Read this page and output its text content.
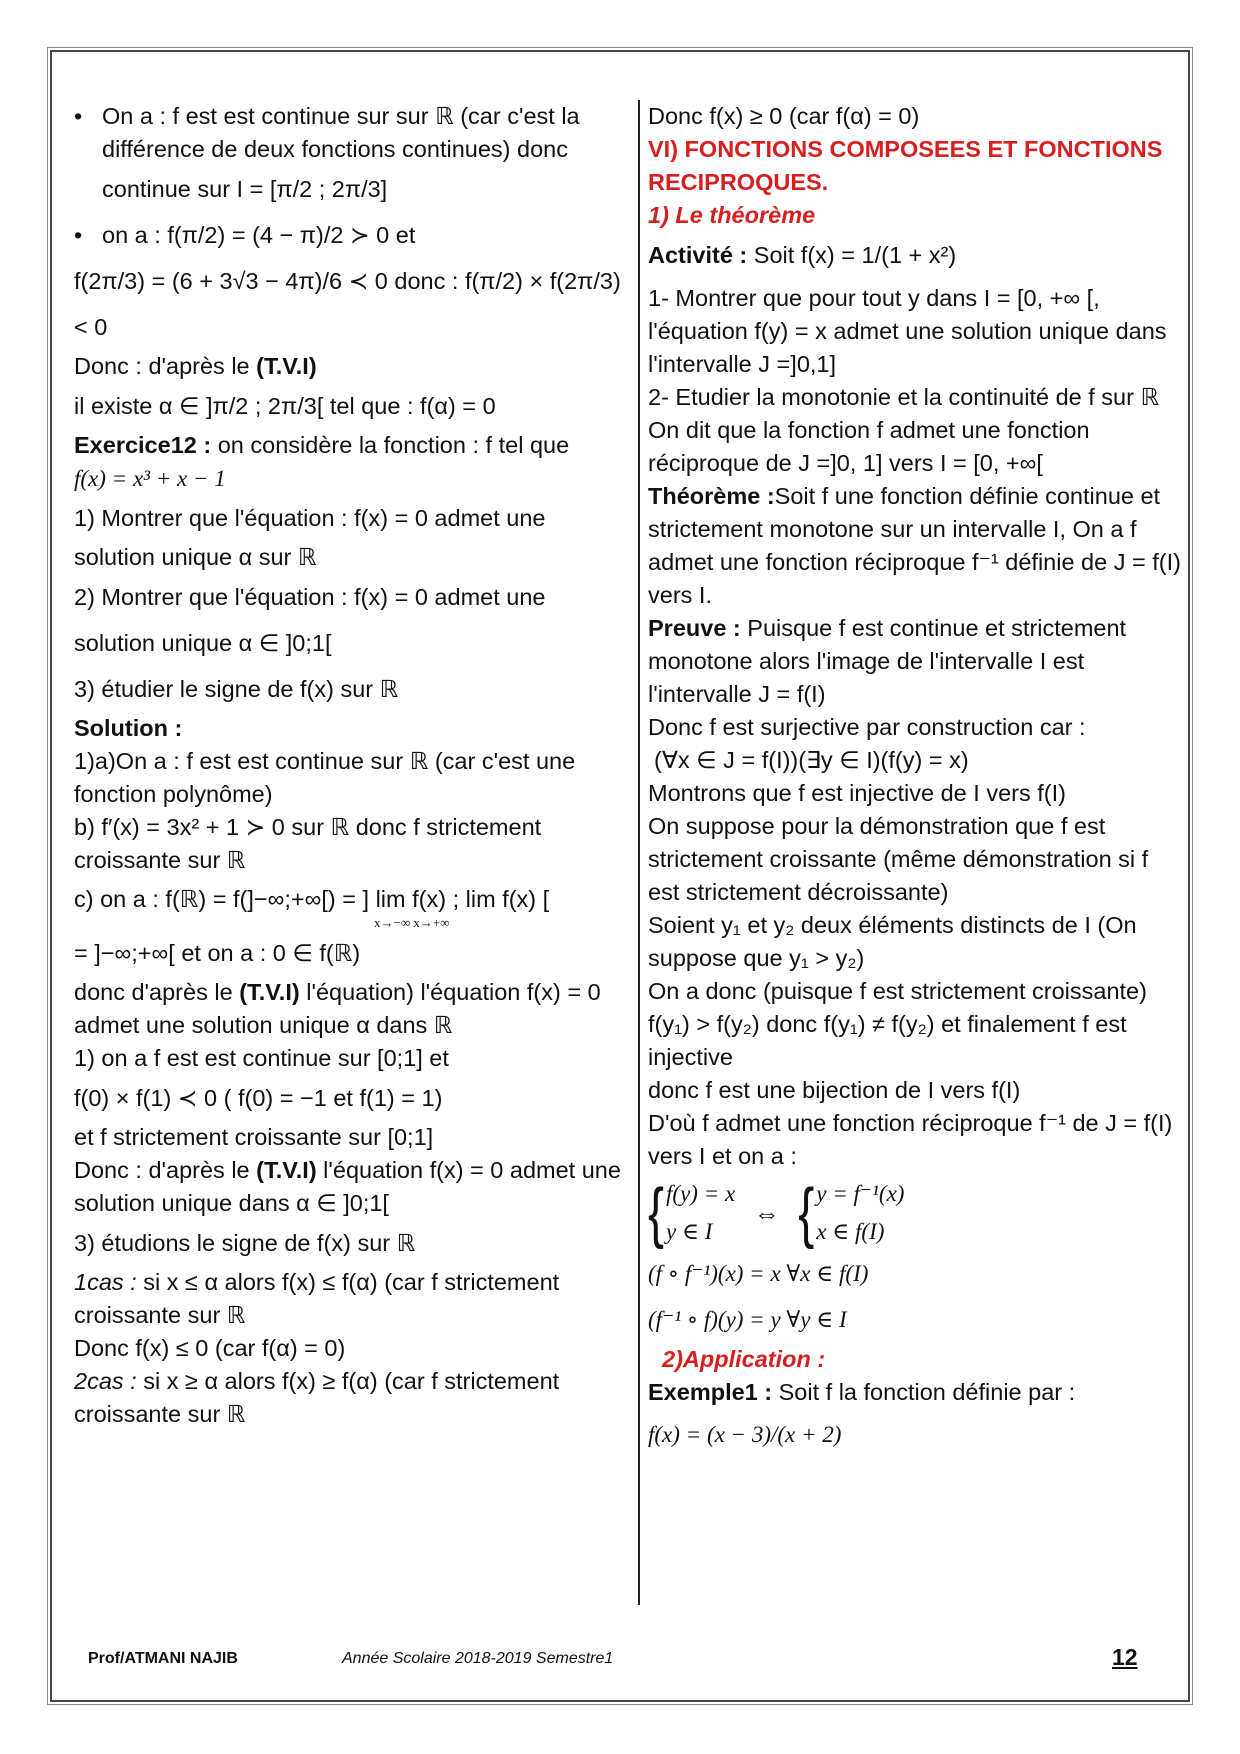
• On a : f est est continue sur sur ℝ (car c'est la différence de deux fonctions continues) donc

continue sur I = [π/2 ; 2π/3]

• on a : f(π/2) = (4 − π)/2 ≻ 0 et

f(2π/3) = (6 + 3√3 − 4π)/6 ≺ 0 donc : f(π/2) × f(2π/3) < 0

Donc : d'après le (T.V.I)

il existe α ∈ ]π/2 ; 2π/3[ tel que : f(α) = 0

Exercice12 : on considère la fonction : f tel que

f(x) = x³ + x − 1

1) Montrer que l'équation : f(x) = 0 admet une

solution unique α sur ℝ

2) Montrer que l'équation : f(x) = 0 admet une

solution unique α ∈ ]0;1[

3) étudier le signe de f(x) sur ℝ

Solution :

1)a)On a : f est est continue sur ℝ (car c'est une fonction polynôme)

b) f′(x) = 3x² + 1 ≻ 0 sur ℝ donc f strictement croissante sur ℝ

c) on a : f(ℝ) = f(]−∞;+∞[) = ] lim f(x) ; lim f(x) [

x→−∞ x→+∞

= ]−∞;+∞[ et on a : 0 ∈ f(ℝ)

donc d'après le (T.V.I) l'équation) l'équation f(x) = 0 admet une solution unique α dans ℝ

1) on a f est est continue sur [0;1] et

f(0) × f(1) ≺ 0 ( f(0) = −1 et f(1) = 1)

et f strictement croissante sur [0;1]

Donc : d'après le (T.V.I) l'équation f(x) = 0 admet une solution unique dans α ∈ ]0;1[

3) étudions le signe de f(x) sur ℝ

1cas : si x ≤ α alors f(x) ≤ f(α) (car f strictement croissante sur ℝ

Donc f(x) ≤ 0 (car f(α) = 0)

2cas : si x ≥ α alors f(x) ≥ f(α) (car f strictement croissante sur ℝ

Donc f(x) ≥ 0 (car f(α) = 0)

VI) FONCTIONS COMPOSEES ET FONCTIONS RECIPROQUES.

1) Le théorème

Activité : Soit f(x) = 1/(1 + x²)

1- Montrer que pour tout y dans I = [0, +∞ [, l'équation f(y) = x admet une solution unique dans l'intervalle J =]0,1]

2- Etudier la monotonie et la continuité de f sur ℝ

On dit que la fonction f admet une fonction réciproque de J =]0, 1] vers I = [0, +∞[

Théorème :Soit f une fonction définie continue et strictement monotone sur un intervalle I, On a f admet une fonction réciproque f⁻¹ définie de J = f(I) vers I.

Preuve : Puisque f est continue et strictement monotone alors l'image de l'intervalle I est l'intervalle J = f(I)

Donc f est surjective par construction car :

(∀x ∈ J = f(I))(∃y ∈ I)(f(y) = x)

Montrons que f est injective de I vers f(I)

On suppose pour la démonstration que f est strictement croissante (même démonstration si f est strictement décroissante)

Soient y₁ et y₂ deux éléments distincts de I (On suppose que y₁ > y₂)

On a donc (puisque f est strictement croissante) f(y₁) > f(y₂) donc f(y₁) ≠ f(y₂) et finalement f est injective

donc f est une bijection de I vers f(I)

D'où f admet une fonction réciproque f⁻¹ de J = f(I) vers I et on a :

{f(y) = x
y ∈ I ⇔ {y = f⁻¹(x)
x ∈ f(I)

(f ∘ f⁻¹)(x) = x ∀x ∈ f(I)

(f⁻¹ ∘ f)(y) = y ∀y ∈ I

2)Application :

Exemple1 : Soit f la fonction définie par :

f(x) = (x − 3)/(x + 2)

Prof/ATMANI NAJIB	Année Scolaire 2018-2019 Semestre1	12
